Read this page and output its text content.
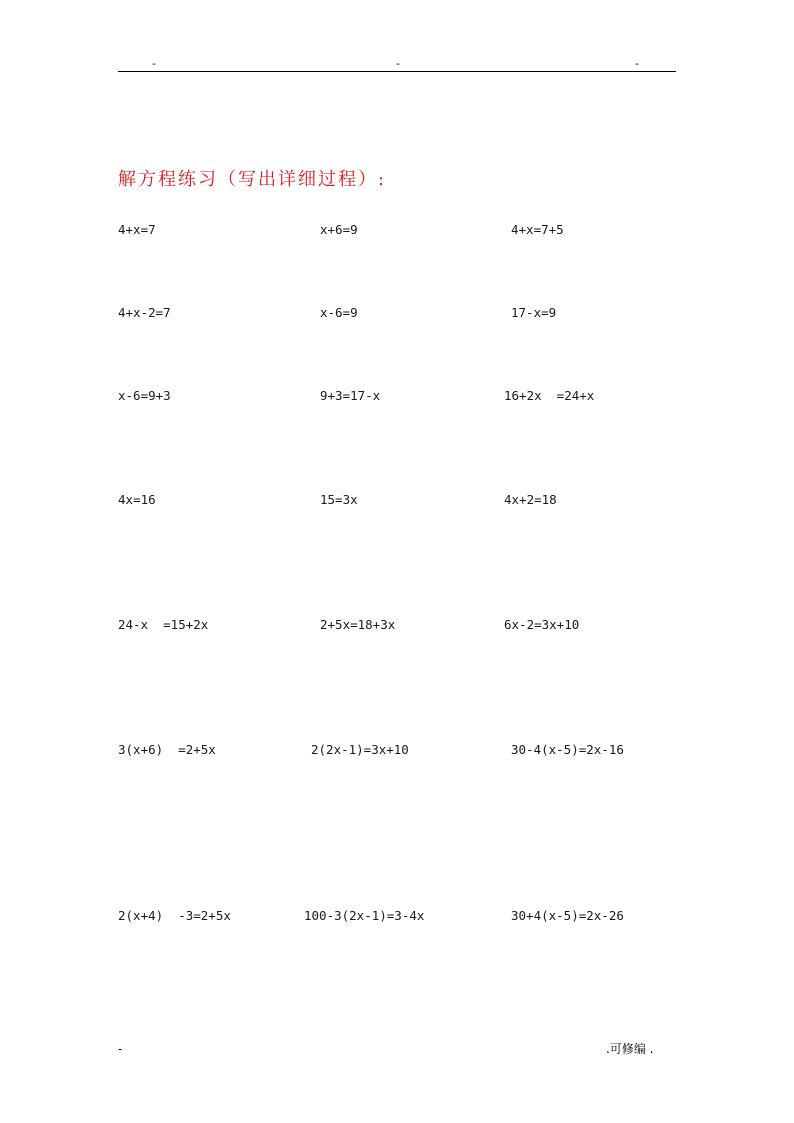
-	-	-
解方程练习（写出详细过程）:
4+x=7	x+6=9	4+x=7+5
4+x-2=7	x-6=9	17-x=9
x-6=9+3	9+3=17-x	16+2x  =24+x
4x=16	15=3x	4x+2=18
24-x  =15+2x	2+5x=18+3x	6x-2=3x+10
3(x+6)  =2+5x	2(2x-1)=3x+10	30-4(x-5)=2x-16
2(x+4)  -3=2+5x	100-3(2x-1)=3-4x	30+4(x-5)=2x-26
-	.可修编 .
